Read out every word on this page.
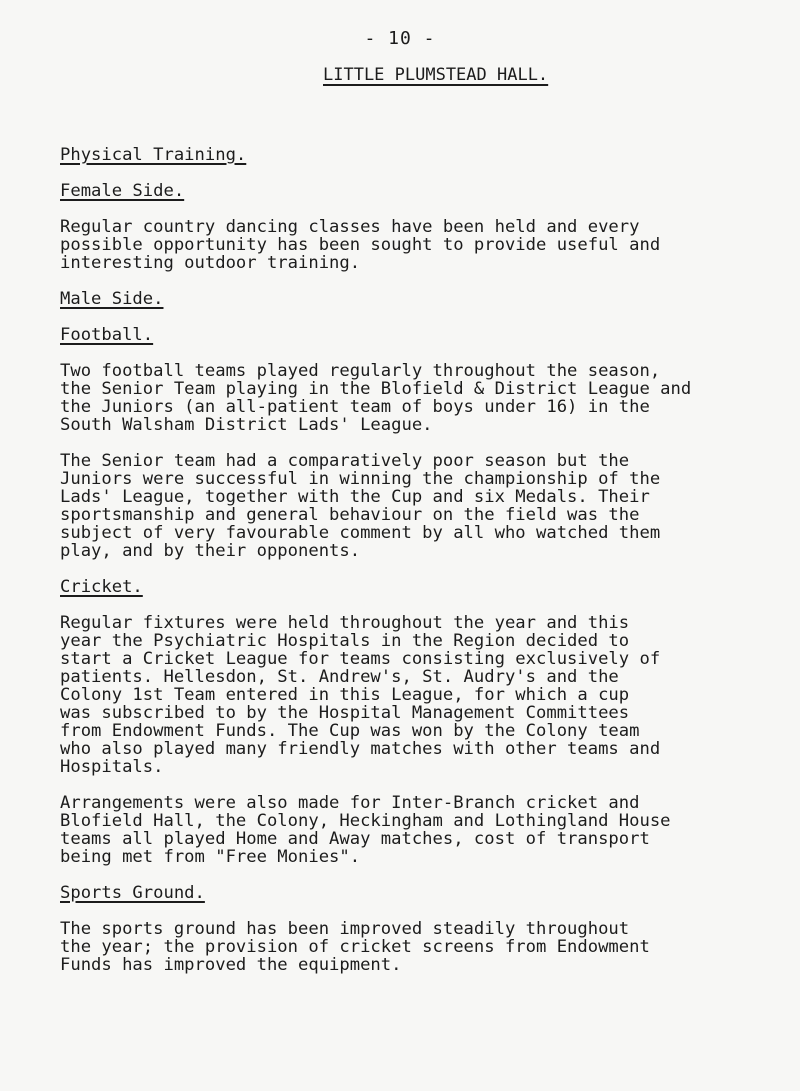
- 10 -
LITTLE PLUMSTEAD HALL.
Physical Training.
Female Side.

Regular country dancing classes have been held and every
possible opportunity has been sought to provide useful and
interesting outdoor training.

Male Side.
Football.

Two football teams played regularly throughout the season,
the Senior Team playing in the Blofield & District League and
the Juniors (an all-patient team of boys under 16) in the
South Walsham District Lads' League.

The Senior team had a comparatively poor season but the
Juniors were successful in winning the championship of the
Lads' League, together with the Cup and six Medals. Their
sportsmanship and general behaviour on the field was the
subject of very favourable comment by all who watched them
play, and by their opponents.

Cricket.

Regular fixtures were held throughout the year and this
year the Psychiatric Hospitals in the Region decided to
start a Cricket League for teams consisting exclusively of
patients. Hellesdon, St. Andrew's, St. Audry's and the
Colony 1st Team entered in this League, for which a cup
was subscribed to by the Hospital Management Committees
from Endowment Funds. The Cup was won by the Colony team
who also played many friendly matches with other teams and
Hospitals.

Arrangements were also made for Inter-Branch cricket and
Blofield Hall, the Colony, Heckingham and Lothingland House
teams all played Home and Away matches, cost of transport
being met from "Free Monies".

Sports Ground.

The sports ground has been improved steadily throughout
the year; the provision of cricket screens from Endowment
Funds has improved the equipment.
